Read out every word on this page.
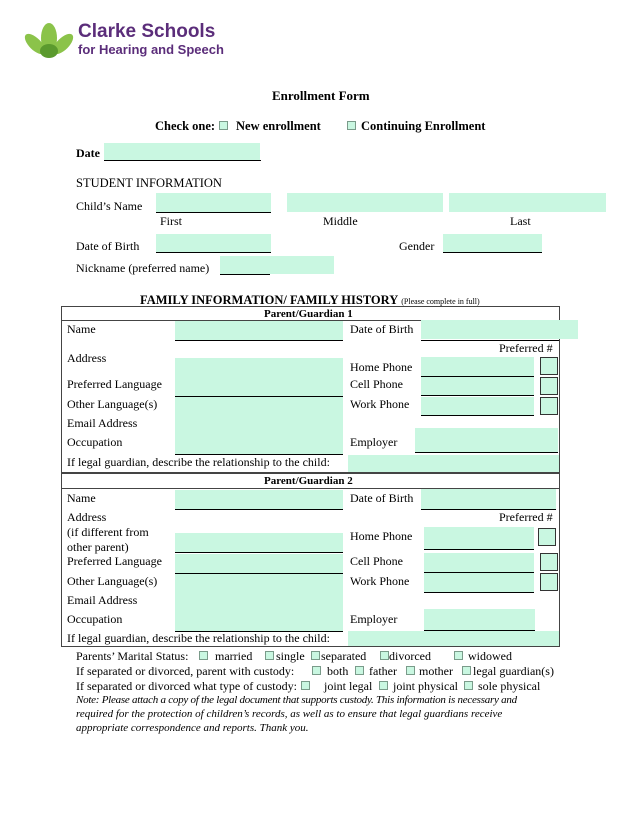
Clarke Schools
for Hearing and Speech
Enrollment Form
Check one: New enrollment	Continuing Enrollment
Date
STUDENT INFORMATION
Child’s Name
First	Middle	Last
Date of Birth	Gender
Nickname (preferred name)
FAMILY INFORMATION/ FAMILY HISTORY (Please complete in full)
Parent/Guardian 1
Name	Date of Birth
Preferred #
Address
Home Phone
Preferred Language	Cell Phone
Other Language(s)	Work Phone
Email Address
Occupation	Employer
If legal guardian, describe the relationship to the child:
Parent/Guardian 2
Name	Date of Birth
Preferred #
Address
(if different from
other parent)
Home Phone
Preferred Language	Cell Phone
Other Language(s)	Work Phone
Email Address
Occupation	Employer
If legal guardian, describe the relationship to the child:
Parents’ Marital Status: married single separated divorced	widowed
If separated or divorced, parent with custody:	both father mother legal guardian(s)
If separated or divorced what type of custody: joint legal joint physical sole physical
Note: Please attach a copy of the legal document that supports custody. This information is necessary and
required for the protection of children’s records, as well as to ensure that legal guardians receive
appropriate correspondence and reports. Thank you.
